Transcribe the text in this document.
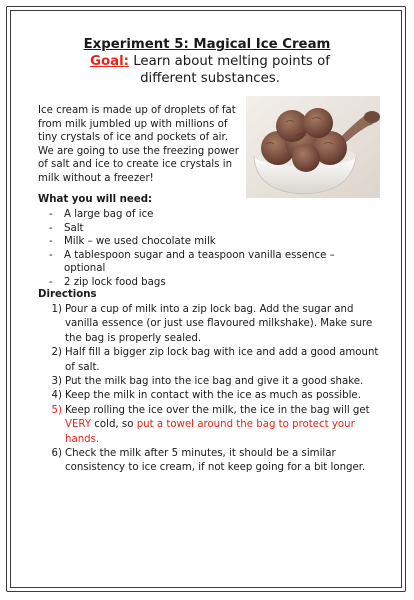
Experiment 5: Magical Ice Cream
Goal: Learn about melting points of different substances.
Ice cream is made up of droplets of fat from milk jumbled up with millions of tiny crystals of ice and pockets of air. We are going to use the freezing power of salt and ice to create ice crystals in milk without a freezer!
What you will need:
- A large bag of ice
- Salt
- Milk – we used chocolate milk
- A tablespoon sugar and a teaspoon vanilla essence – optional
- 2 zip lock food bags
Directions
1) Pour a cup of milk into a zip lock bag. Add the sugar and vanilla essence (or just use flavoured milkshake). Make sure the bag is properly sealed.
2) Half fill a bigger zip lock bag with ice and add a good amount of salt.
3) Put the milk bag into the ice bag and give it a good shake.
4) Keep the milk in contact with the ice as much as possible.
5) Keep rolling the ice over the milk, the ice in the bag will get VERY cold, so put a towel around the bag to protect your hands.
6) Check the milk after 5 minutes, it should be a similar consistency to ice cream, if not keep going for a bit longer.
